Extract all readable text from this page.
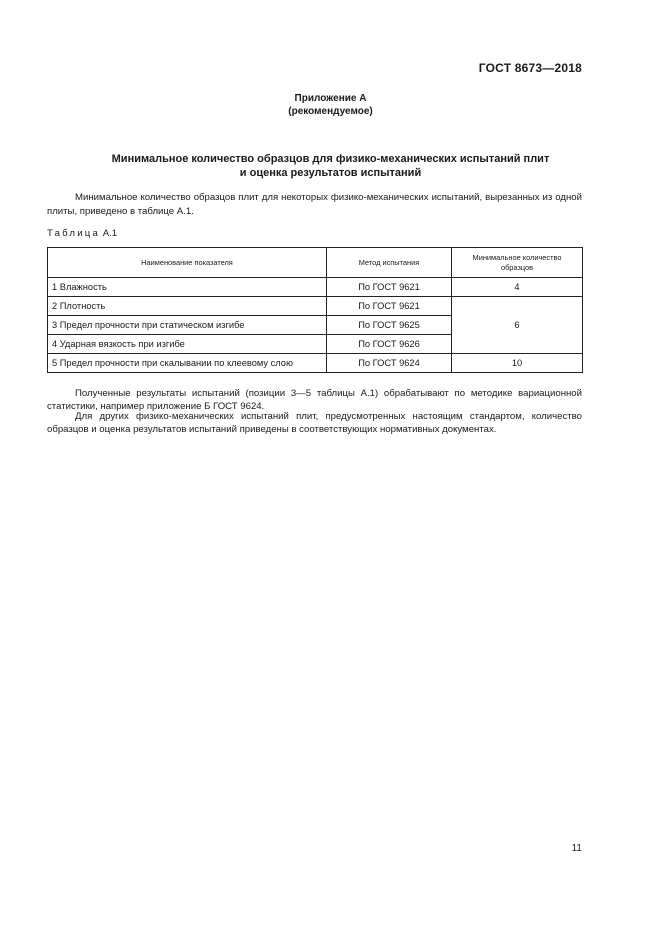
ГОСТ 8673—2018
Приложение А
(рекомендуемое)
Минимальное количество образцов для физико-механических испытаний плит
и оценка результатов испытаний

Минимальное количество образцов плит для некоторых физико-механических испытаний, вырезанных из одной плиты, приведено в таблице А.1.

Таблица А.1
Наименование показателя	Метод испытания	Минимальное количество образцов
1 Влажность	По ГОСТ 9621	4
2 Плотность	По ГОСТ 9621	6
3 Предел прочности при статическом изгибе	По ГОСТ 9625	
4 Ударная вязкость при изгибе	По ГОСТ 9626	
5 Предел прочности при скалывании по клеевому слою	По ГОСТ 9624	10

Полученные результаты испытаний (позиции 3—5 таблицы А.1) обрабатывают по методике вариационной статистики, например приложение Б ГОСТ 9624.

Для других физико-механических испытаний плит, предусмотренных настоящим стандартом, количество образцов и оценка результатов испытаний приведены в соответствующих нормативных документах.

11
